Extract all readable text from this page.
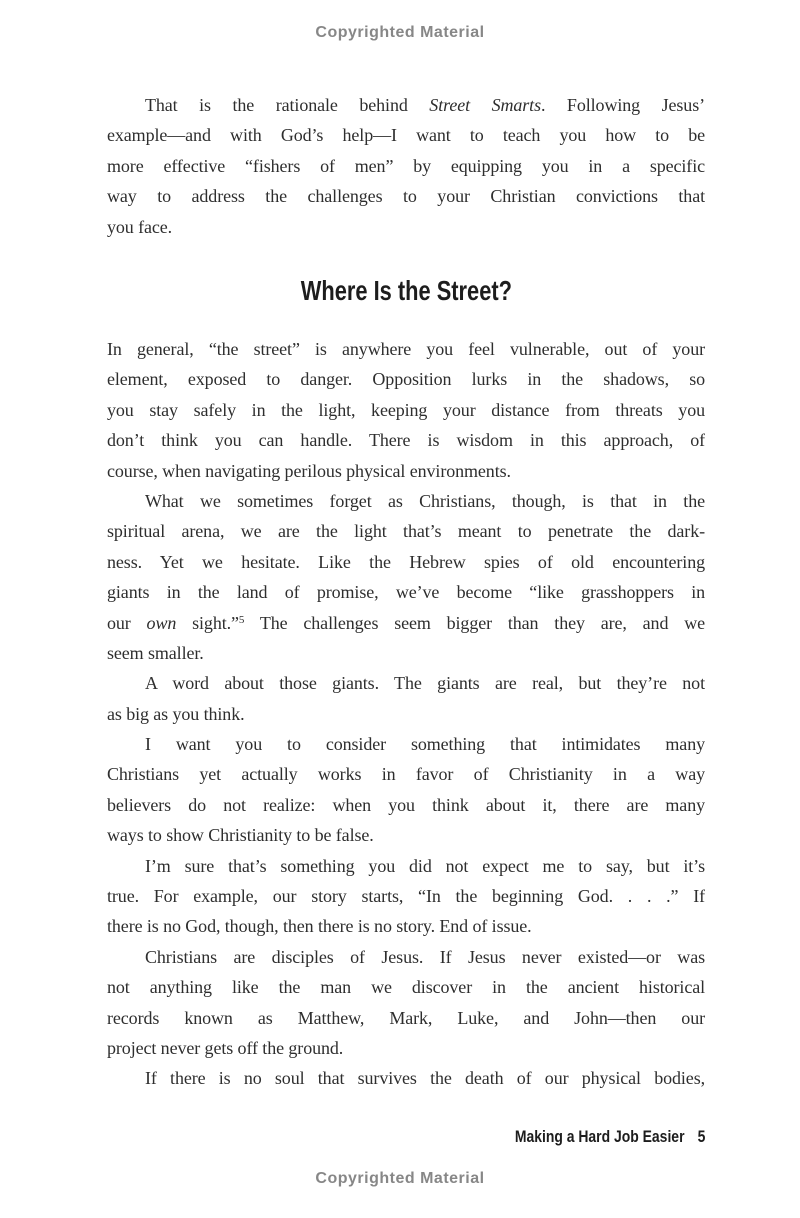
Copyrighted Material
That is the rationale behind Street Smarts. Following Jesus’
example—and with God’s help—I want to teach you how to be
more effective “fishers of men” by equipping you in a specific
way to address the challenges to your Christian convictions that
you face.
Where Is the Street?
In general, “the street” is anywhere you feel vulnerable, out of your
element, exposed to danger. Opposition lurks in the shadows, so
you stay safely in the light, keeping your distance from threats you
don’t think you can handle. There is wisdom in this approach, of
course, when navigating perilous physical environments.
What we sometimes forget as Christians, though, is that in the
spiritual arena, we are the light that’s meant to penetrate the dark-
ness. Yet we hesitate. Like the Hebrew spies of old encountering
giants in the land of promise, we’ve become “like grasshoppers in
our own sight.”$^5$ The challenges seem bigger than they are, and we
seem smaller.
A word about those giants. The giants are real, but they’re not
as big as you think.
I want you to consider something that intimidates many
Christians yet actually works in favor of Christianity in a way
believers do not realize: when you think about it, there are many
ways to show Christianity to be false.
I’m sure that’s something you did not expect me to say, but it’s
true. For example, our story starts, “In the beginning God. . . .” If
there is no God, though, then there is no story. End of issue.
Christians are disciples of Jesus. If Jesus never existed—or was
not anything like the man we discover in the ancient historical
records known as Matthew, Mark, Luke, and John—then our
project never gets off the ground.
If there is no soul that survives the death of our physical bodies,
Making a Hard Job Easier 5
Copyrighted Material
